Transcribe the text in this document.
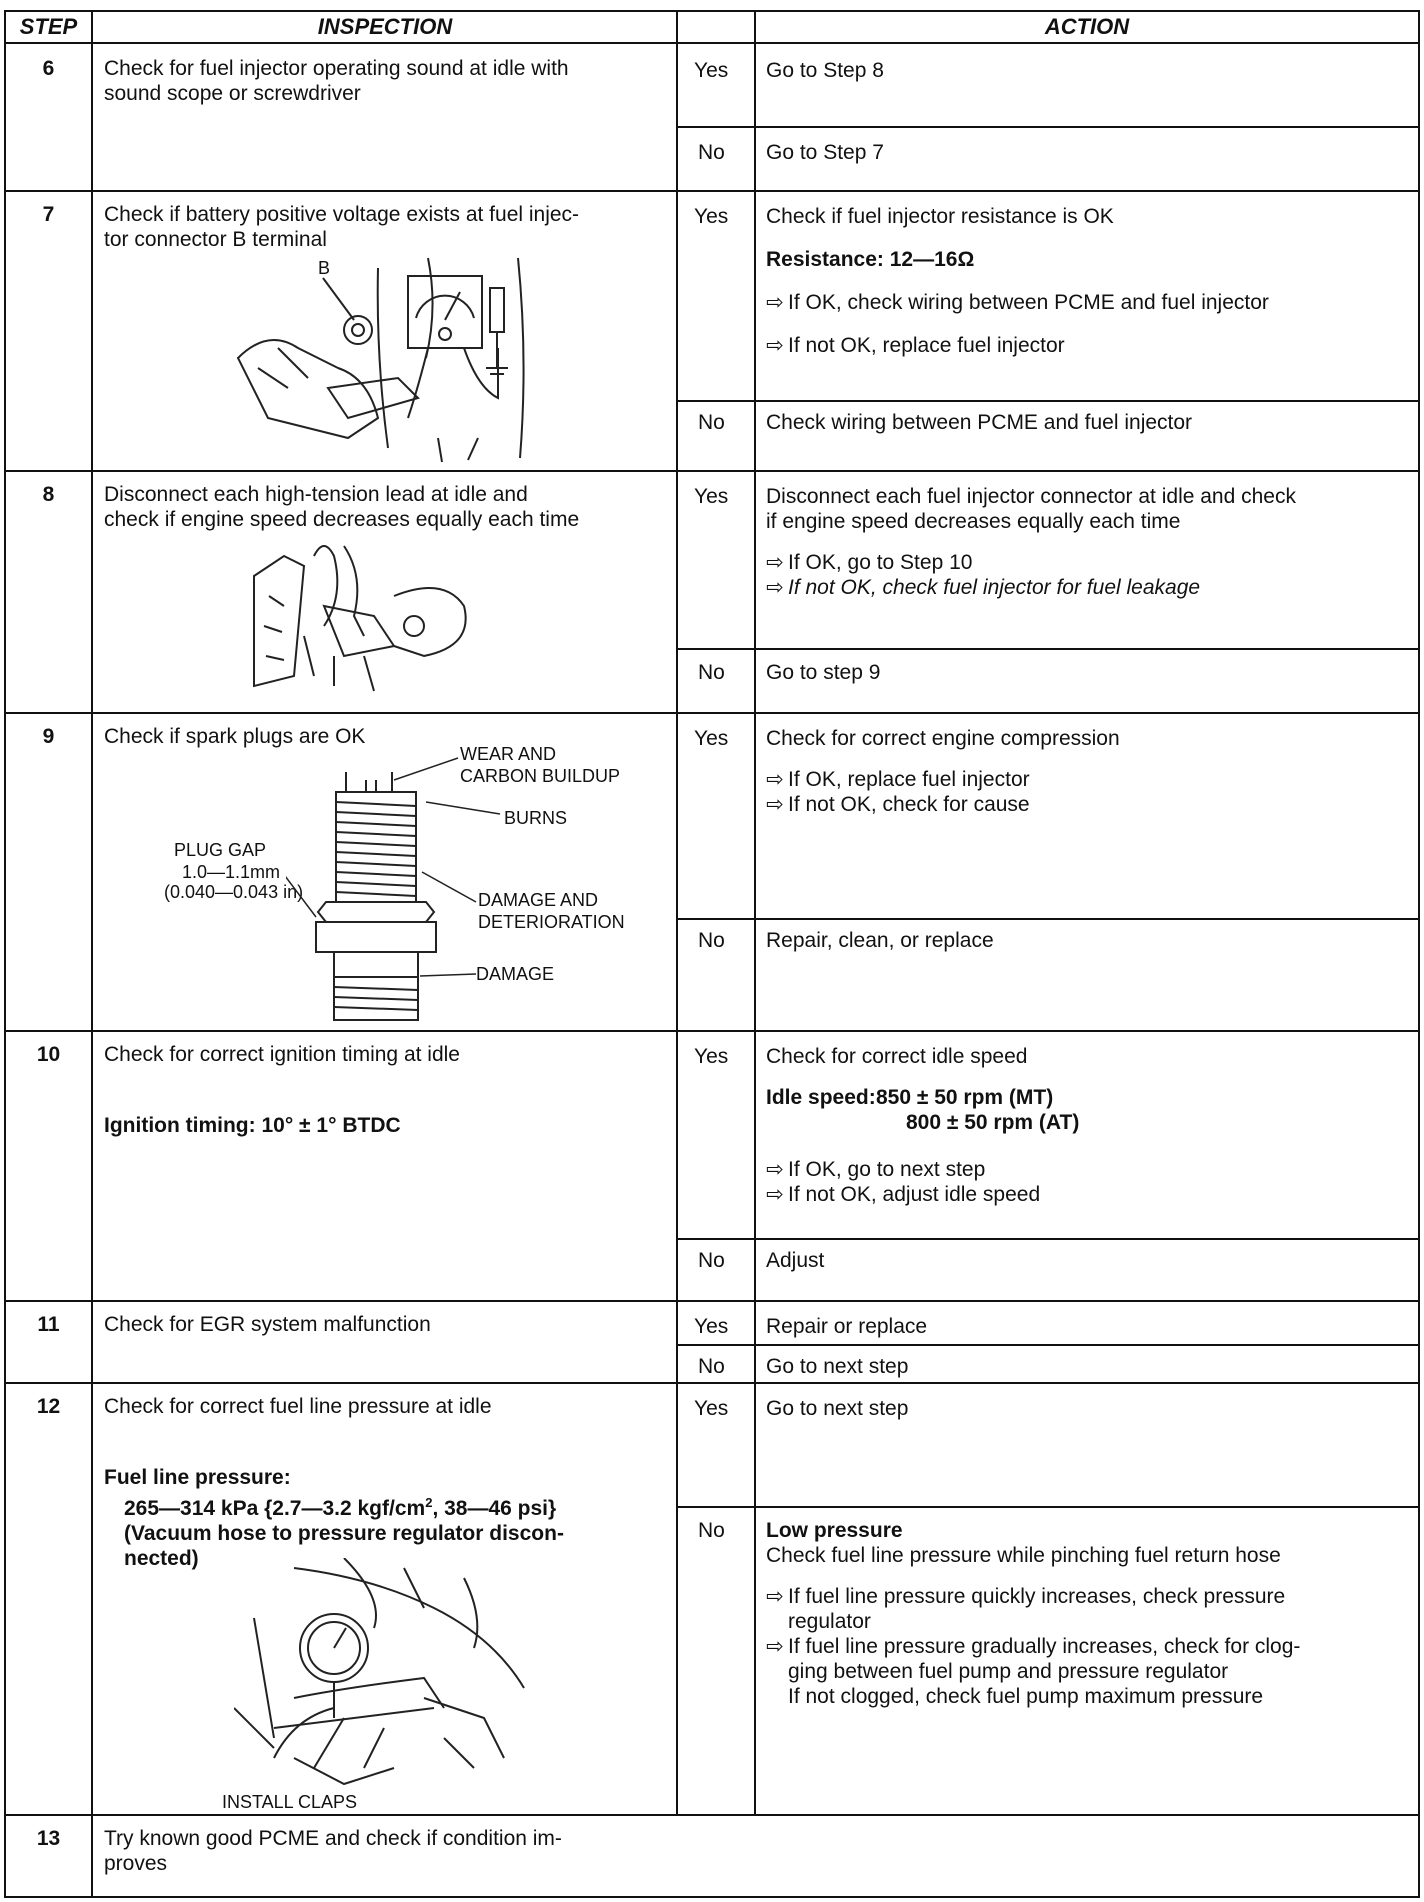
STEP	INSPECTION	ACTION
6	Check for fuel injector operating sound at idle with
sound scope or screwdriver
Yes Go to Step 8
No Go to Step 7
7	Check if battery positive voltage exists at fuel injec-
tor connector B terminal
B
Yes Check if fuel injector resistance is OK
Resistance: 12—16Ω
⇨ If OK, check wiring between PCME and fuel injector
⇨ If not OK, replace fuel injector
No Check wiring between PCME and fuel injector
8	Disconnect each high-tension lead at idle and
check if engine speed decreases equally each time
Yes Disconnect each fuel injector connector at idle and check
if engine speed decreases equally each time
⇨ If OK, go to Step 10
⇨ If not OK, check fuel injector for fuel leakage
No Go to step 9
9	Check if spark plugs are OK
WEAR AND
CARBON BUILDUP
BURNS
PLUG GAP
1.0—1.1mm
(0.040—0.043 in)	DAMAGE AND
DETERIORATION
DAMAGE
Yes Check for correct engine compression
⇨ If OK, replace fuel injector
⇨ If not OK, check for cause
No Repair, clean, or replace
10	Check for correct ignition timing at idle
Ignition timing: 10° ± 1° BTDC
Yes Check for correct idle speed
Idle speed:850 ± 50 rpm (MT)
800 ± 50 rpm (AT)
⇨ If OK, go to next step
⇨ If not OK, adjust idle speed
No Adjust
11	Check for EGR system malfunction	Yes Repair or replace
No Go to next step
12	Check for correct fuel line pressure at idle
Fuel line pressure:
265—314 kPa {2.7—3.2 kgf/$cm^2$, 38—46 psi}
(Vacuum hose to pressure regulator discon-
nected)
INSTALL CLAPS
Yes Go to next step
No Low pressure
Check fuel line pressure while pinching fuel return hose
⇨ If fuel line pressure quickly increases, check pressure
regulator
⇨ If fuel line pressure gradually increases, check for clog-
ging between fuel pump and pressure regulator
If not clogged, check fuel pump maximum pressure
13	Try known good PCME and check if condition im-
proves
